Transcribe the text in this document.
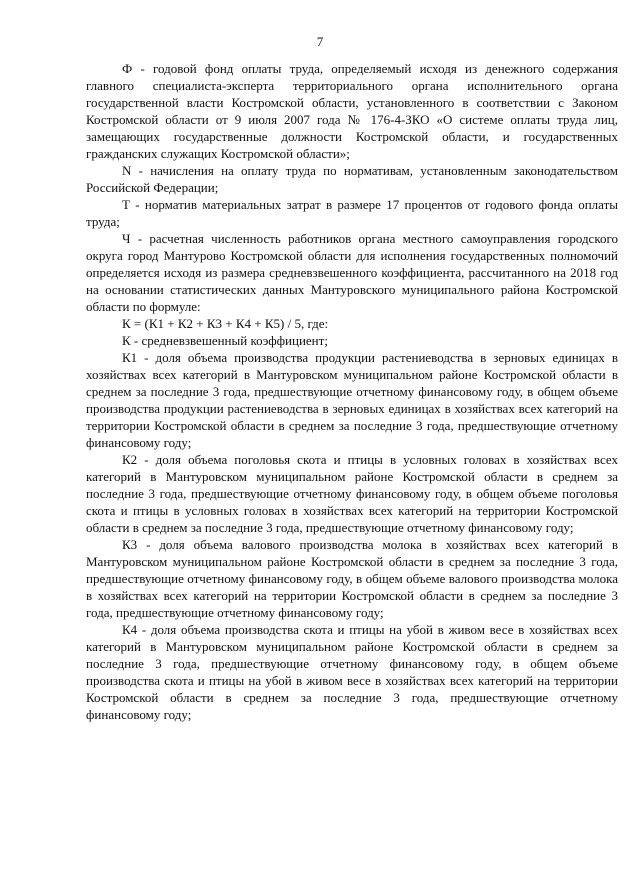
7

Ф - годовой фонд оплаты труда, определяемый исходя из денежного содержания главного специалиста-эксперта территориального органа исполнительного органа государственной власти Костромской области, установленного в соответствии с Законом Костромской области от 9 июля 2007 года № 176-4-ЗКО «О системе оплаты труда лиц, замещающих государственные должности Костромской области, и государственных гражданских служащих Костромской области»;

N - начисления на оплату труда по нормативам, установленным законодательством Российской Федерации;

Т - норматив материальных затрат в размере 17 процентов от годового фонда оплаты труда;

Ч - расчетная численность работников органа местного самоуправления городского округа город Мантурово Костромской области для исполнения государственных полномочий определяется исходя из размера средневзвешенного коэффициента, рассчитанного на 2018 год на основании статистических данных Мантуровского муниципального района Костромской области по формуле:

К = (К1 + К2 + К3 + К4 + К5) / 5, где:

К - средневзвешенный коэффициент;

К1 - доля объема производства продукции растениеводства в зерновых единицах в хозяйствах всех категорий в Мантуровском муниципальном районе Костромской области в среднем за последние 3 года, предшествующие отчетному финансовому году, в общем объеме производства продукции растениеводства в зерновых единицах в хозяйствах всех категорий на территории Костромской области в среднем за последние 3 года, предшествующие отчетному финансовому году;

К2 - доля объема поголовья скота и птицы в условных головах в хозяйствах всех категорий в Мантуровском муниципальном районе Костромской области в среднем за последние 3 года, предшествующие отчетному финансовому году, в общем объеме поголовья скота и птицы в условных головах в хозяйствах всех категорий на территории Костромской области в среднем за последние 3 года, предшествующие отчетному финансовому году;

К3 - доля объема валового производства молока в хозяйствах всех категорий в Мантуровском муниципальном районе Костромской области в среднем за последние 3 года, предшествующие отчетному финансовому году, в общем объеме валового производства молока в хозяйствах всех категорий на территории Костромской области в среднем за последние 3 года, предшествующие отчетному финансовому году;

К4 - доля объема производства скота и птицы на убой в живом весе в хозяйствах всех категорий в Мантуровском муниципальном районе Костромской области в среднем за последние 3 года, предшествующие отчетному финансовому году, в общем объеме производства скота и птицы на убой в живом весе в хозяйствах всех категорий на территории Костромской области в среднем за последние 3 года, предшествующие отчетному финансовому году;
